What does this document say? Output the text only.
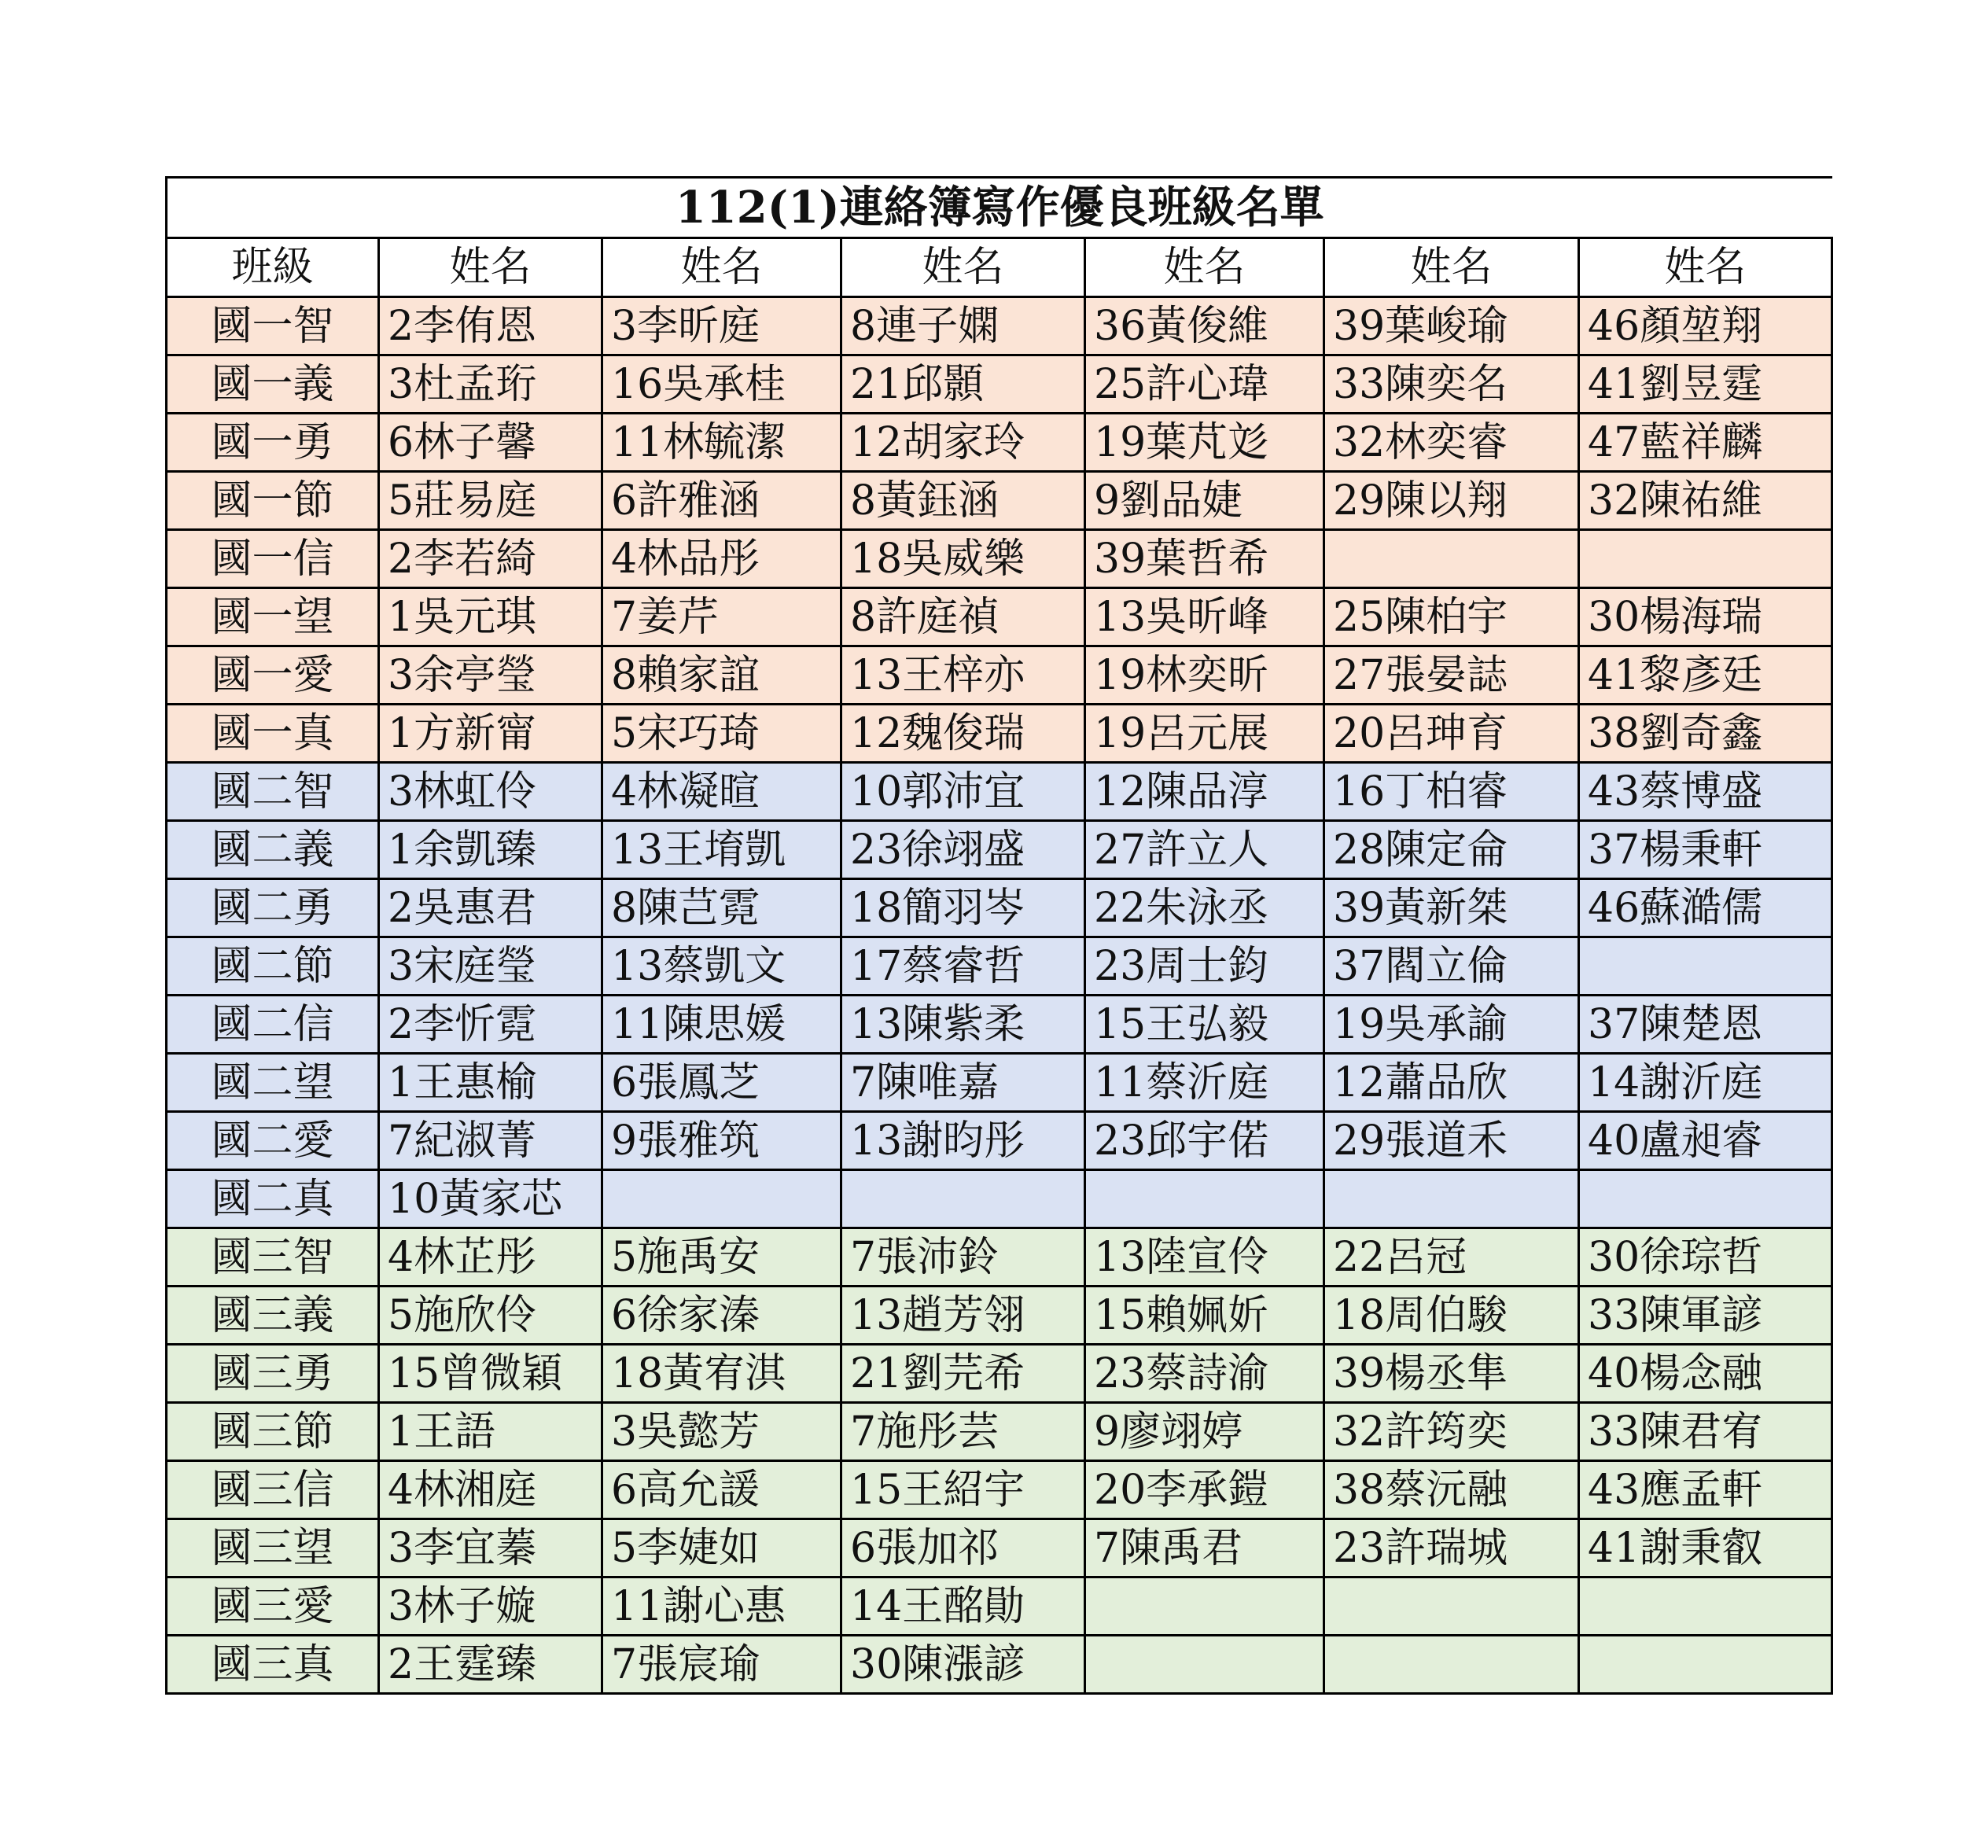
112(1)連絡簿寫作優良班級名單						
班級	姓名	姓名	姓名	姓名	姓名	姓名
國一智	2李侑恩	3李昕庭	8連子嫻	36黃俊維	39葉峻瑜	46顏堃翔
國一義	3杜孟珩	16吳承桂	21邱顥	25許心瑋	33陳奕名	41劉昱霆
國一勇	6林子馨	11林毓潔	12胡家玲	19葉芃彣	32林奕睿	47藍祥麟
國一節	5莊易庭	6許雅涵	8黃鈺涵	9劉品婕	29陳以翔	32陳祐維
國一信	2李若綺	4林品彤	18吳威樂	39葉哲希		
國一望	1吳元琪	7姜芹	8許庭禎	13吳昕峰	25陳柏宇	30楊海瑞
國一愛	3余亭瑩	8賴家誼	13王梓亦	19林奕昕	27張晏誌	41黎彥廷
國一真	1方新甯	5宋巧琦	12魏俊瑞	19呂元展	20呂珅育	38劉奇鑫
國二智	3林虹伶	4林凝暄	10郭沛宜	12陳品淳	16丁柏睿	43蔡博盛
國二義	1余凱臻	13王堉凱	23徐翊盛	27許立人	28陳定侖	37楊秉軒
國二勇	2吳惠君	8陳芑霓	18簡羽岑	22朱泳丞	39黃新桀	46蘇澔儒
國二節	3宋庭瑩	13蔡凱文	17蔡睿哲	23周士鈞	37閻立倫	
國二信	2李忻霓	11陳思媛	13陳紫柔	15王弘毅	19吳承諭	37陳楚恩
國二望	1王惠榆	6張鳳芝	7陳唯嘉	11蔡沂庭	12蕭品欣	14謝沂庭
國二愛	7紀淑菁	9張雅筑	13謝昀彤	23邱宇偌	29張道禾	40盧昶睿
國二真	10黃家芯					
國三智	4林芷彤	5施禹安	7張沛鈴	13陸宣伶	22呂冠	30徐琮哲
國三義	5施欣伶	6徐家溱	13趙芳翎	15賴姵妡	18周伯駿	33陳軍諺
國三勇	15曾微穎	18黃宥淇	21劉芫希	23蔡詩渝	39楊丞隼	40楊念融
國三節	1王語	3吳懿芳	7施彤芸	9廖翊婷	32許筠奕	33陳君宥
國三信	4林湘庭	6高允諼	15王紹宇	20李承鎧	38蔡沅融	43應孟軒
國三望	3李宜蓁	5李婕如	6張加祁	7陳禹君	23許瑞城	41謝秉叡
國三愛	3林子嫙	11謝心惠	14王酩勛			
國三真	2王霆臻	7張宸瑜	30陳漲諺			
